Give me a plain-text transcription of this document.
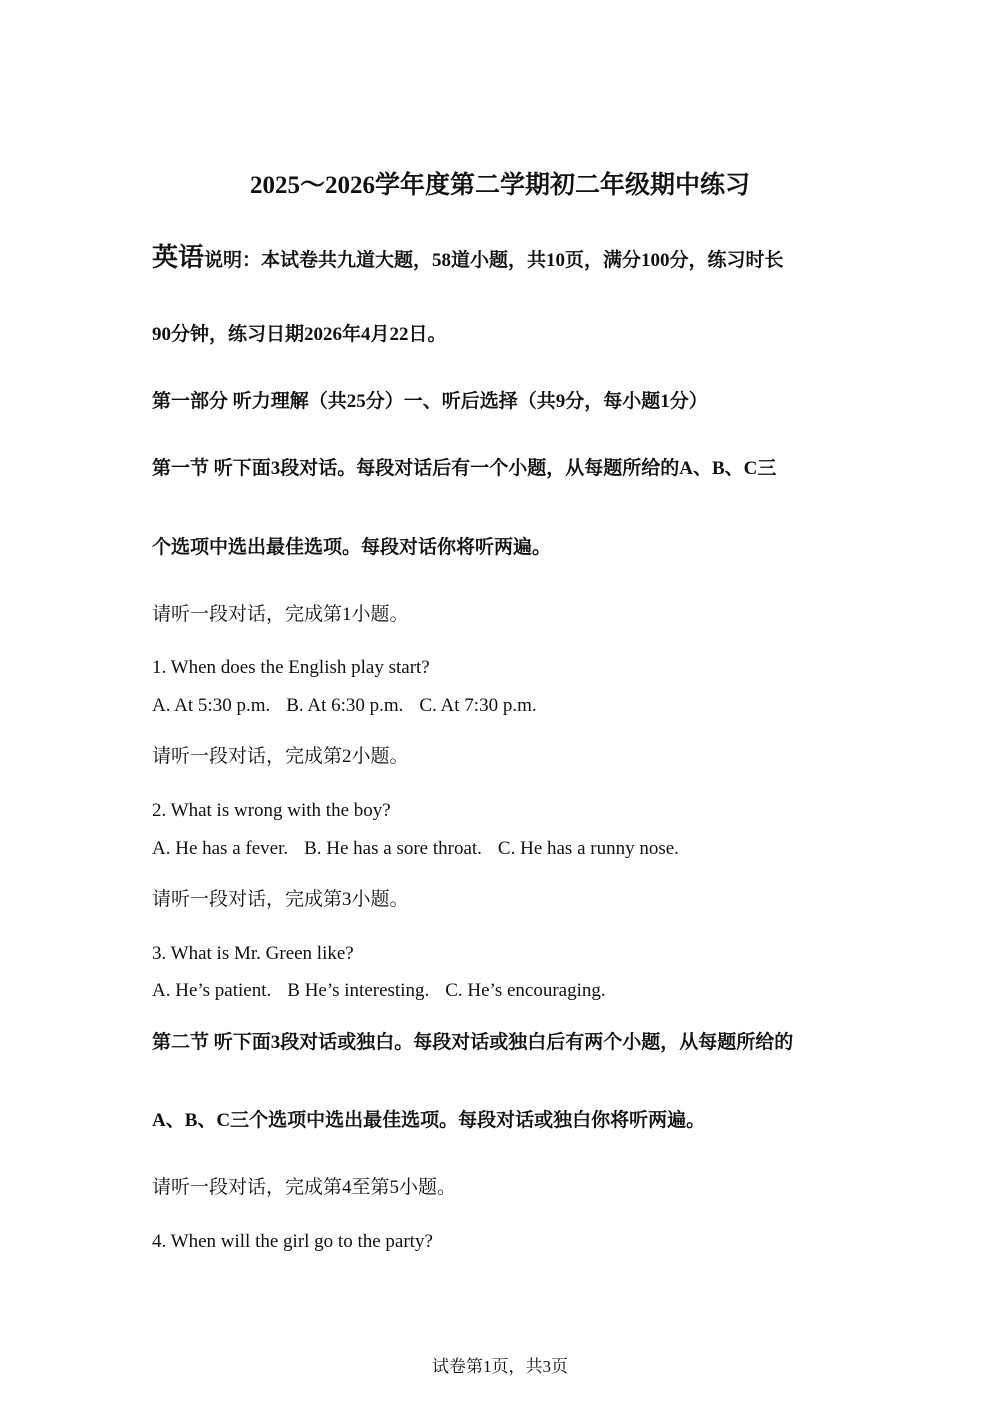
2025～2026学年度第二学期初二年级期中练习
英语说明：本试卷共九道大题，58道小题，共10页，满分100分，练习时长
90分钟，练习日期2026年4月22日。
第一部分 听力理解（共25分）一、听后选择（共9分，每小题1分）
第一节 听下面3段对话。每段对话后有一个小题，从每题所给的A、B、C三
个选项中选出最佳选项。每段对话你将听两遍。
请听一段对话，完成第1小题。
1. When does the English play start?
A. At 5:30 p.m. B. At 6:30 p.m. C. At 7:30 p.m.
请听一段对话，完成第2小题。
2. What is wrong with the boy?
A. He has a fever. B. He has a sore throat. C. He has a runny nose.
请听一段对话，完成第3小题。
3. What is Mr. Green like?
A. He’s patient. B He’s interesting. C. He’s encouraging.
第二节 听下面3段对话或独白。每段对话或独白后有两个小题，从每题所给的
A、B、C三个选项中选出最佳选项。每段对话或独白你将听两遍。
请听一段对话，完成第4至第5小题。
4. When will the girl go to the party?
试卷第1页，共3页
